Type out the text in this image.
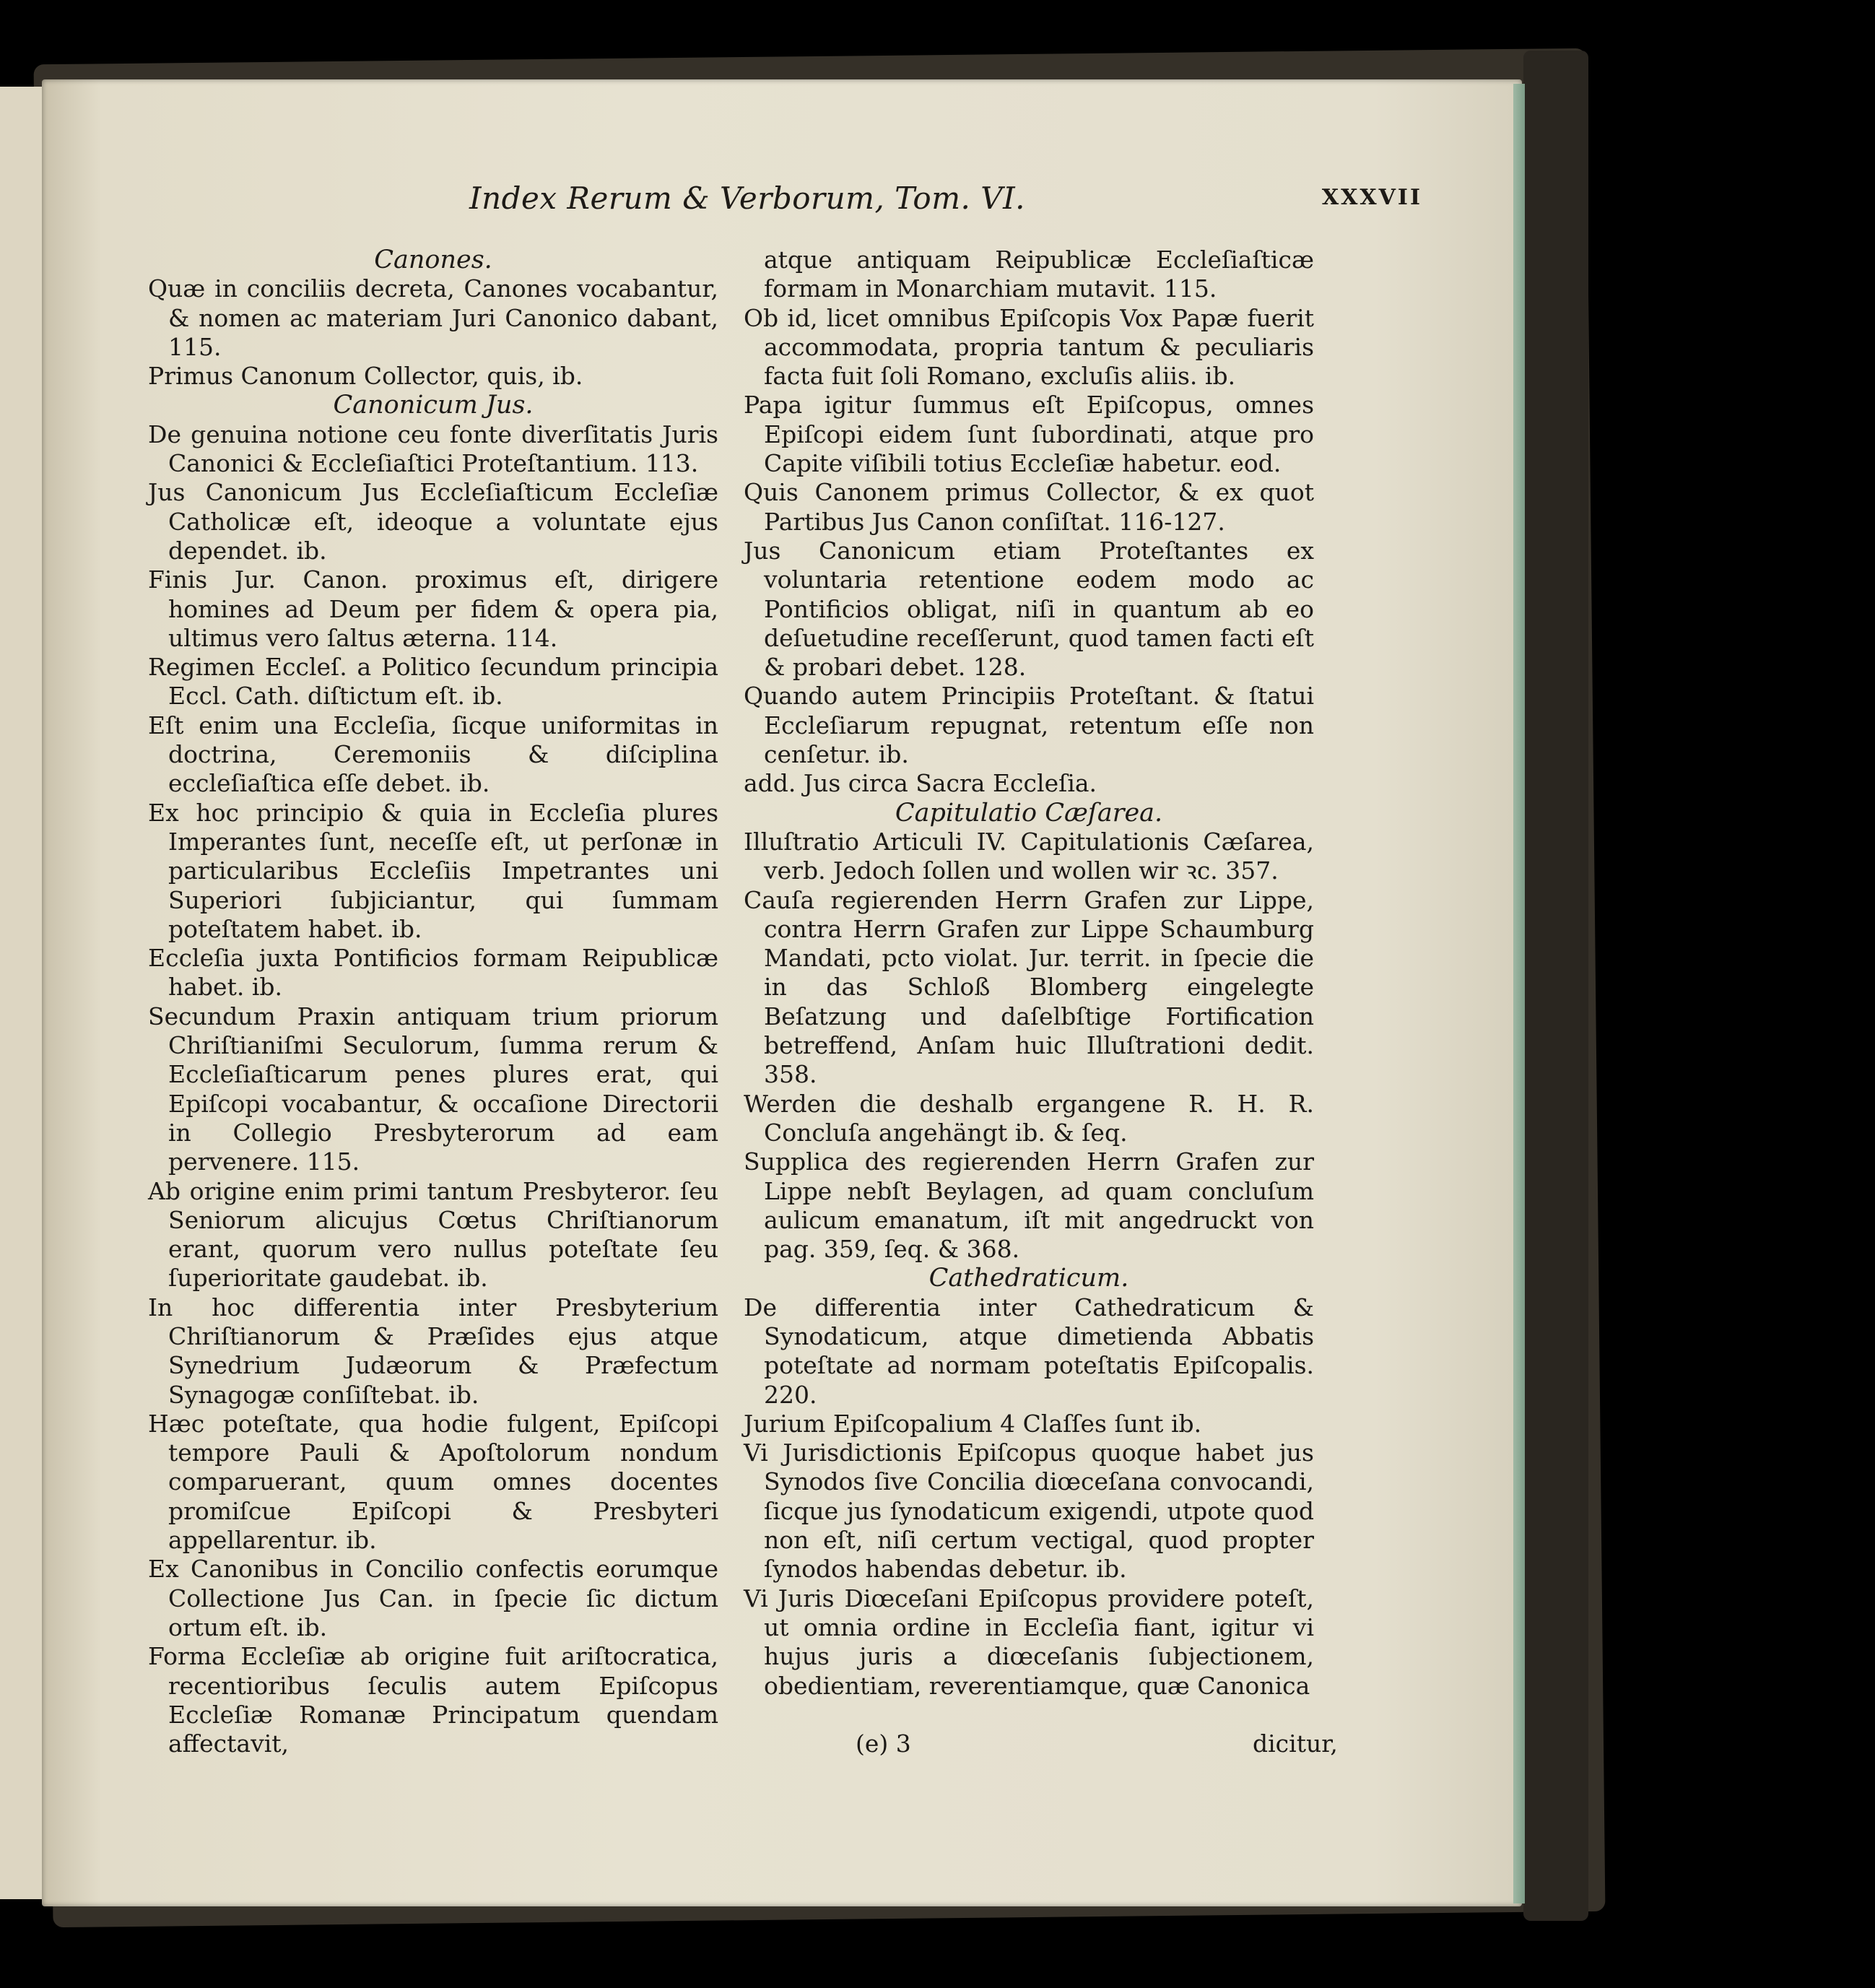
Index Rerum & Verborum, Tom. VI.	XXXVII
Canones.
Quæ in conciliis decreta, Canones vocabantur, & nomen ac materiam Juri Canonico dabant, 115.
Primus Canonum Collector, quis, ib.
Canonicum Jus.
De genuina notione ceu fonte diverſitatis Juris Canonici & Eccleſiaſtici Proteſtantium. 113.
Jus Canonicum Jus Eccleſiaſticum Eccleſiæ Catholicæ eſt, ideoque a voluntate ejus dependet. ib.
Finis Jur. Canon. proximus eſt, dirigere homines ad Deum per fidem & opera pia, ultimus vero ſaltus æterna. 114.
Regimen Eccleſ. a Politico ſecundum principia Eccl. Cath. diſtictum eſt. ib.
Eſt enim una Eccleſia, ſicque uniformitas in doctrina, Ceremoniis & diſciplina eccleſiaſtica eſſe debet. ib.
Ex hoc principio & quia in Eccleſia plures Imperantes ſunt, neceſſe eſt, ut perſonæ in particularibus Eccleſiis Impetrantes uni Superiori ſubjiciantur, qui ſummam poteſtatem habet. ib.
Eccleſia juxta Pontificios formam Reipublicæ habet. ib.
Secundum Praxin antiquam trium priorum Chriſtianiſmi Seculorum, ſumma rerum & Eccleſiaſticarum penes plures erat, qui Epiſcopi vocabantur, & occaſione Directorii in Collegio Presbyterorum ad eam pervenere. 115.
Ab origine enim primi tantum Presbyteror. ſeu Seniorum alicujus Cœtus Chriſtianorum erant, quorum vero nullus poteſtate ſeu ſuperioritate gaudebat. ib.
In hoc differentia inter Presbyterium Chriſtianorum & Præſides ejus atque Synedrium Judæorum & Præfectum Synagogæ conſiſtebat. ib.
Hæc poteſtate, qua hodie fulgent, Epiſcopi tempore Pauli & Apoſtolorum nondum comparuerant, quum omnes docentes promiſcue Epiſcopi & Presbyteri appellarentur. ib.
Ex Canonibus in Concilio confectis eorumque Collectione Jus Can. in ſpecie ſic dictum ortum eſt. ib.
Forma Eccleſiæ ab origine fuit ariſtocratica, recentioribus ſeculis autem Epiſcopus Eccleſiæ Romanæ Principatum quendam affectavit,
atque antiquam Reipublicæ Eccleſiaſticæ formam in Monarchiam mutavit. 115.
Ob id, licet omnibus Epiſcopis Vox Papæ fuerit accommodata, propria tantum & peculiaris facta fuit ſoli Romano, excluſis aliis. ib.
Papa igitur ſummus eſt Epiſcopus, omnes Epiſcopi eidem ſunt ſubordinati, atque pro Capite viſibili totius Eccleſiæ habetur. eod.
Quis Canonem primus Collector, & ex quot Partibus Jus Canon conſiſtat. 116-127.
Jus Canonicum etiam Proteſtantes ex voluntaria retentione eodem modo ac Pontificios obligat, niſi in quantum ab eo deſuetudine receſſerunt, quod tamen facti eſt & probari debet. 128.
Quando autem Principiis Proteſtant. & ſtatui Eccleſiarum repugnat, retentum eſſe non cenſetur. ib.
add. Jus circa Sacra Eccleſia.
Capitulatio Cæſarea.
Illuſtratio Articuli IV. Capitulationis Cæſarea, verb. Jedoch ſollen und wollen wir ꝛc. 357.
Cauſa regierenden Herrn Grafen zur Lippe, contra Herrn Grafen zur Lippe Schaumburg Mandati, pcto violat. Jur. territ. in ſpecie die in das Schloß Blomberg eingelegte Beſatzung und daſelbſtige Fortification betreffend, Anſam huic Illuſtrationi dedit. 358.
Werden die deshalb ergangene R. H. R. Concluſa angehängt ib. & ſeq.
Supplica des regierenden Herrn Grafen zur Lippe nebſt Beylagen, ad quam concluſum aulicum emanatum, iſt mit angedruckt von pag. 359, ſeq. & 368.
Cathedraticum.
De differentia inter Cathedraticum & Synodaticum, atque dimetienda Abbatis poteſtate ad normam poteſtatis Epiſcopalis. 220.
Jurium Epiſcopalium 4 Claſſes ſunt ib.
Vi Jurisdictionis Epiſcopus quoque habet jus Synodos ſive Concilia diœceſana convocandi, ſicque jus ſynodaticum exigendi, utpote quod non eſt, niſi certum vectigal, quod propter ſynodos habendas debetur. ib.
Vi Juris Diœceſani Epiſcopus providere poteſt, ut omnia ordine in Eccleſia fiant, igitur vi hujus juris a diœceſanis ſubjectionem, obedientiam, reverentiamque, quæ Canonica
(e) 3	dicitur,
